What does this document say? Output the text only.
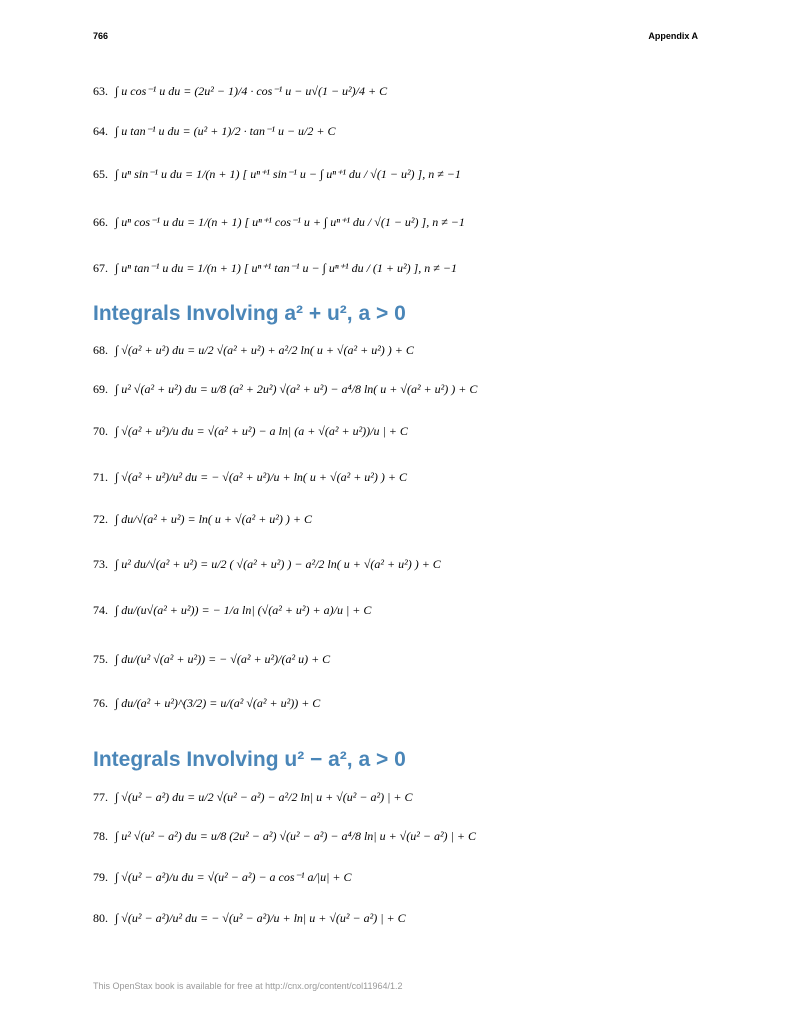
766	Appendix A
63. ∫ u cos⁻¹ u du = (2u² − 1)/4 · cos⁻¹ u − u√(1 − u²)/4 + C
64. ∫ u tan⁻¹ u du = (u² + 1)/2 · tan⁻¹ u − u/2 + C
65. ∫ uⁿ sin⁻¹ u du = 1/(n + 1) [ uⁿ⁺¹ sin⁻¹ u − ∫ uⁿ⁺¹ du / √(1 − u²) ], n ≠ −1
66. ∫ uⁿ cos⁻¹ u du = 1/(n + 1) [ uⁿ⁺¹ cos⁻¹ u + ∫ uⁿ⁺¹ du / √(1 − u²) ], n ≠ −1
67. ∫ uⁿ tan⁻¹ u du = 1/(n + 1) [ uⁿ⁺¹ tan⁻¹ u − ∫ uⁿ⁺¹ du / (1 + u²) ], n ≠ −1
Integrals Involving a² + u², a > 0
68. ∫ √(a² + u²) du = u/2 √(a² + u²) + a²/2 ln( u + √(a² + u²) ) + C
69. ∫ u² √(a² + u²) du = u/8 (a² + 2u²) √(a² + u²) − a⁴/8 ln( u + √(a² + u²) ) + C
70. ∫ √(a² + u²)/u du = √(a² + u²) − a ln| (a + √(a² + u²))/u | + C
71. ∫ √(a² + u²)/u² du = − √(a² + u²)/u + ln( u + √(a² + u²) ) + C
72. ∫ du/√(a² + u²) = ln( u + √(a² + u²) ) + C
73. ∫ u² du/√(a² + u²) = u/2 ( √(a² + u²) ) − a²/2 ln( u + √(a² + u²) ) + C
74. ∫ du/(u√(a² + u²)) = − 1/a ln| (√(a² + u²) + a)/u | + C
75. ∫ du/(u² √(a² + u²)) = − √(a² + u²)/(a² u) + C
76. ∫ du/(a² + u²)^(3/2) = u/(a² √(a² + u²)) + C
Integrals Involving u² − a², a > 0
77. ∫ √(u² − a²) du = u/2 √(u² − a²) − a²/2 ln| u + √(u² − a²) | + C
78. ∫ u² √(u² − a²) du = u/8 (2u² − a²) √(u² − a²) − a⁴/8 ln| u + √(u² − a²) | + C
79. ∫ √(u² − a²)/u du = √(u² − a²) − a cos⁻¹ a/|u| + C
80. ∫ √(u² − a²)/u² du = − √(u² − a²)/u + ln| u + √(u² − a²) | + C
This OpenStax book is available for free at http://cnx.org/content/col11964/1.2
